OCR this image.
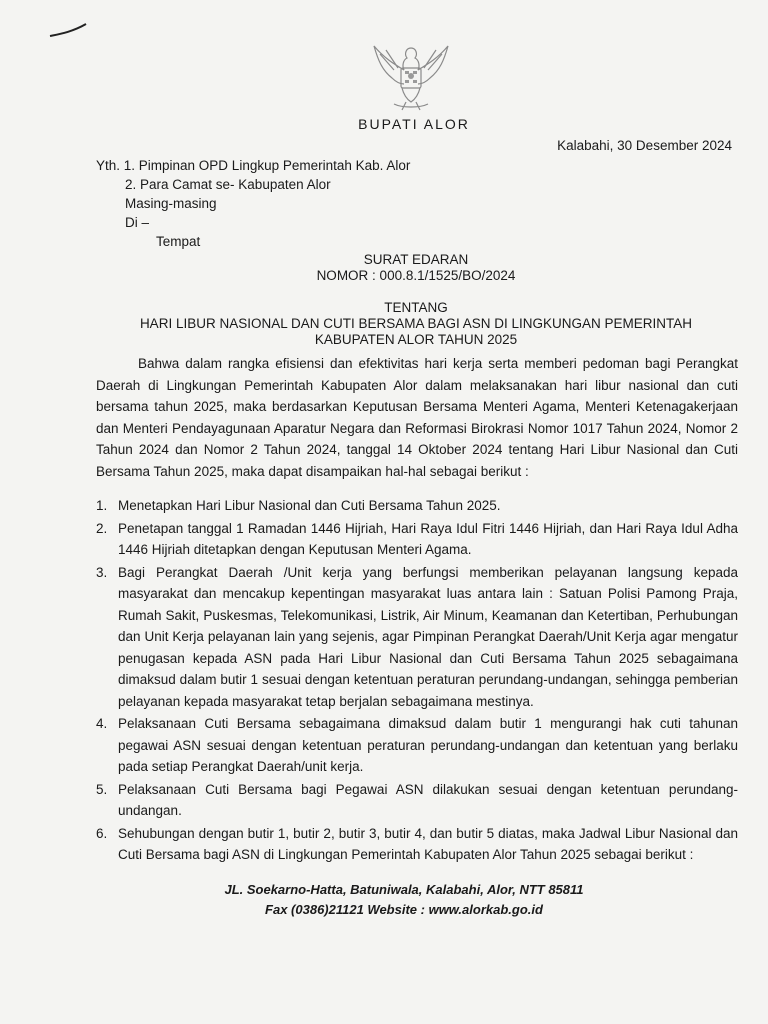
BUPATI ALOR
Kalabahi, 30 Desember 2024
Yth. 1. Pimpinan OPD Lingkup Pemerintah Kab. Alor
2. Para Camat se- Kabupaten Alor
Masing-masing
Di –
Tempat
SURAT EDARAN
NOMOR : 000.8.1/1525/BO/2024
TENTANG
HARI LIBUR NASIONAL DAN CUTI BERSAMA BAGI ASN DI LINGKUNGAN PEMERINTAH
KABUPATEN ALOR TAHUN 2025

Bahwa dalam rangka efisiensi dan efektivitas hari kerja serta memberi pedoman bagi Perangkat Daerah di Lingkungan Pemerintah Kabupaten Alor dalam melaksanakan hari libur nasional dan cuti bersama tahun 2025, maka berdasarkan Keputusan Bersama Menteri Agama, Menteri Ketenagakerjaan dan Menteri Pendayagunaan Aparatur Negara dan Reformasi Birokrasi Nomor 1017 Tahun 2024, Nomor 2 Tahun 2024 dan Nomor 2 Tahun 2024, tanggal 14 Oktober 2024 tentang Hari Libur Nasional dan Cuti Bersama Tahun 2025, maka dapat disampaikan hal-hal sebagai berikut :

1. Menetapkan Hari Libur Nasional dan Cuti Bersama Tahun 2025.
2. Penetapan tanggal 1 Ramadan 1446 Hijriah, Hari Raya Idul Fitri 1446 Hijriah, dan Hari Raya Idul Adha 1446 Hijriah ditetapkan dengan Keputusan Menteri Agama.
3. Bagi Perangkat Daerah /Unit kerja yang berfungsi memberikan pelayanan langsung kepada masyarakat dan mencakup kepentingan masyarakat luas antara lain : Satuan Polisi Pamong Praja, Rumah Sakit, Puskesmas, Telekomunikasi, Listrik, Air Minum, Keamanan dan Ketertiban, Perhubungan dan Unit Kerja pelayanan lain yang sejenis, agar Pimpinan Perangkat Daerah/Unit Kerja agar mengatur penugasan kepada ASN pada Hari Libur Nasional dan Cuti Bersama Tahun 2025 sebagaimana dimaksud dalam butir 1 sesuai dengan ketentuan peraturan perundang-undangan, sehingga pemberian pelayanan kepada masyarakat tetap berjalan sebagaimana mestinya.
4. Pelaksanaan Cuti Bersama sebagaimana dimaksud dalam butir 1 mengurangi hak cuti tahunan pegawai ASN sesuai dengan ketentuan peraturan perundang-undangan dan ketentuan yang berlaku pada setiap Perangkat Daerah/unit kerja.
5. Pelaksanaan Cuti Bersama bagi Pegawai ASN dilakukan sesuai dengan ketentuan perundang-undangan.
6. Sehubungan dengan butir 1, butir 2, butir 3, butir 4, dan butir 5 diatas, maka Jadwal Libur Nasional dan Cuti Bersama bagi ASN di Lingkungan Pemerintah Kabupaten Alor Tahun 2025 sebagai berikut :
JL. Soekarno-Hatta, Batuniwala, Kalabahi, Alor, NTT 85811
Fax (0386)21121 Website : www.alorkab.go.id
